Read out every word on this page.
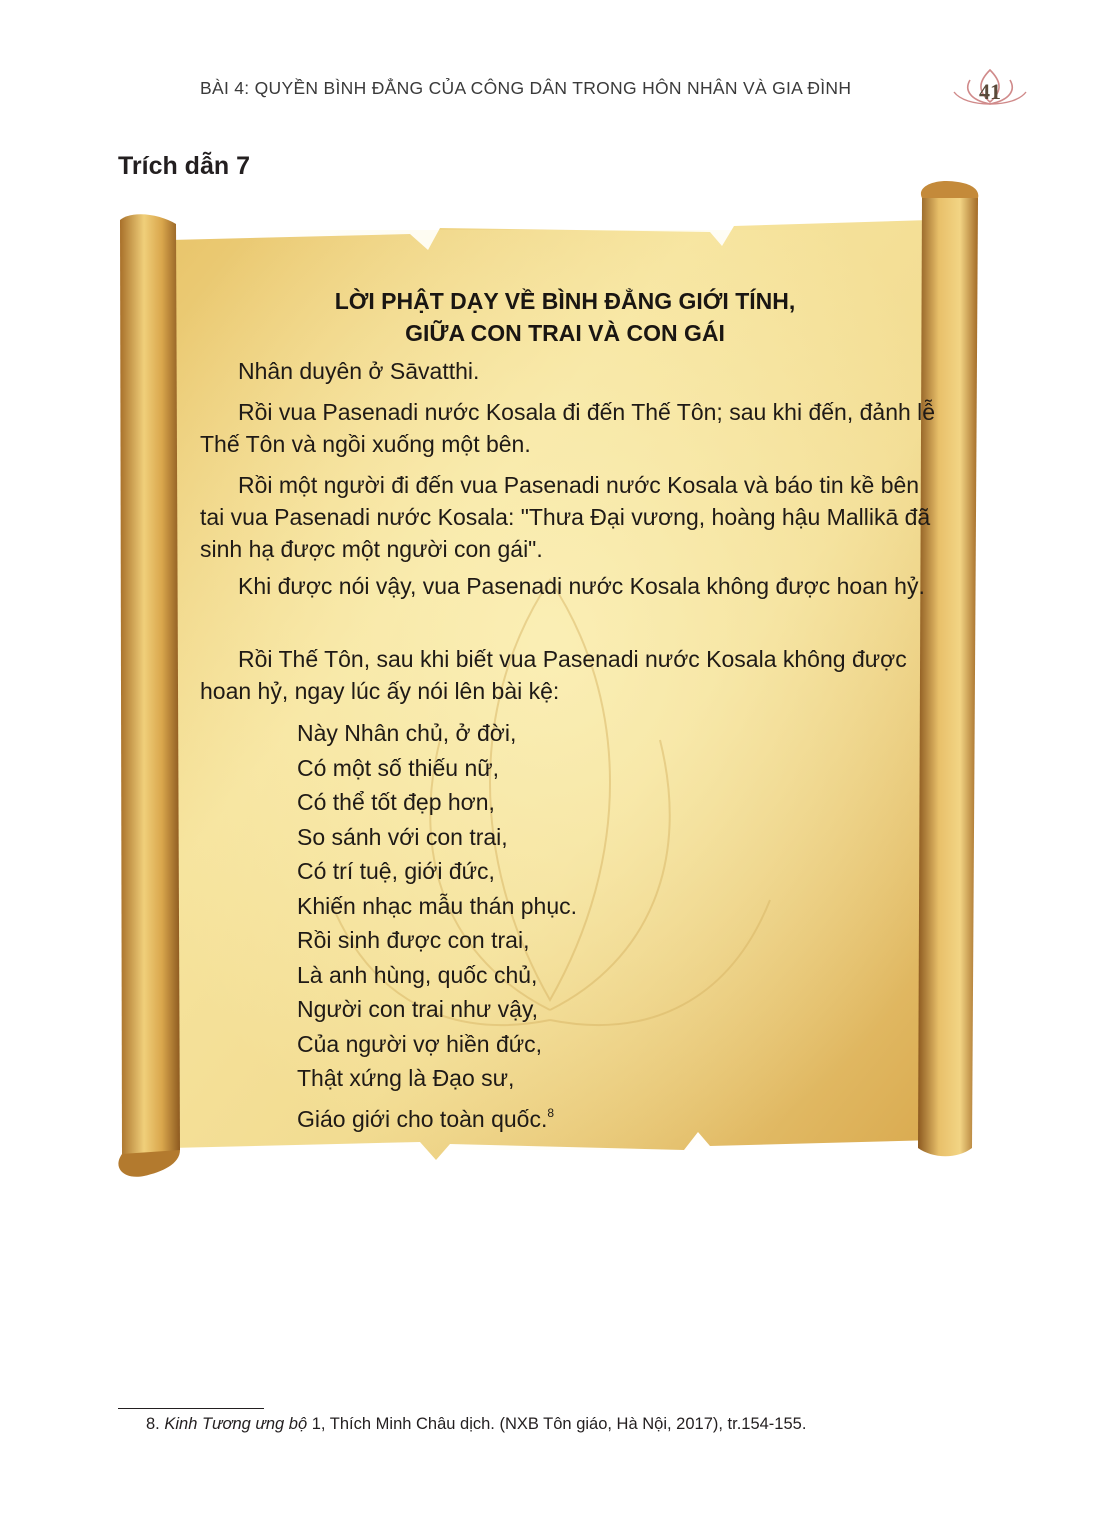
BÀI 4: QUYỀN BÌNH ĐẲNG CỦA CÔNG DÂN TRONG HÔN NHÂN VÀ GIA ĐÌNH	41
Trích dẫn 7
LỜI PHẬT DẠY VỀ BÌNH ĐẲNG GIỚI TÍNH,
GIỮA CON TRAI VÀ CON GÁI

Nhân duyên ở Sāvatthi.

Rồi vua Pasenadi nước Kosala đi đến Thế Tôn; sau khi đến, đảnh lễ Thế Tôn và ngồi xuống một bên.

Rồi một người đi đến vua Pasenadi nước Kosala và báo tin kề bên tai vua Pasenadi nước Kosala: "Thưa Đại vương, hoàng hậu Mallikā đã sinh hạ được một người con gái".

Khi được nói vậy, vua Pasenadi nước Kosala không được hoan hỷ.

Rồi Thế Tôn, sau khi biết vua Pasenadi nước Kosala không được hoan hỷ, ngay lúc ấy nói lên bài kệ:

Này Nhân chủ, ở đời,
Có một số thiếu nữ,
Có thể tốt đẹp hơn,
So sánh với con trai,
Có trí tuệ, giới đức,
Khiến nhạc mẫu thán phục.
Rồi sinh được con trai,
Là anh hùng, quốc chủ,
Người con trai như vậy,
Của người vợ hiền đức,
Thật xứng là Đạo sư,
Giáo giới cho toàn quốc.$^8$
8. Kinh Tương ưng bộ 1, Thích Minh Châu dịch. (NXB Tôn giáo, Hà Nội, 2017), tr.154-155.
